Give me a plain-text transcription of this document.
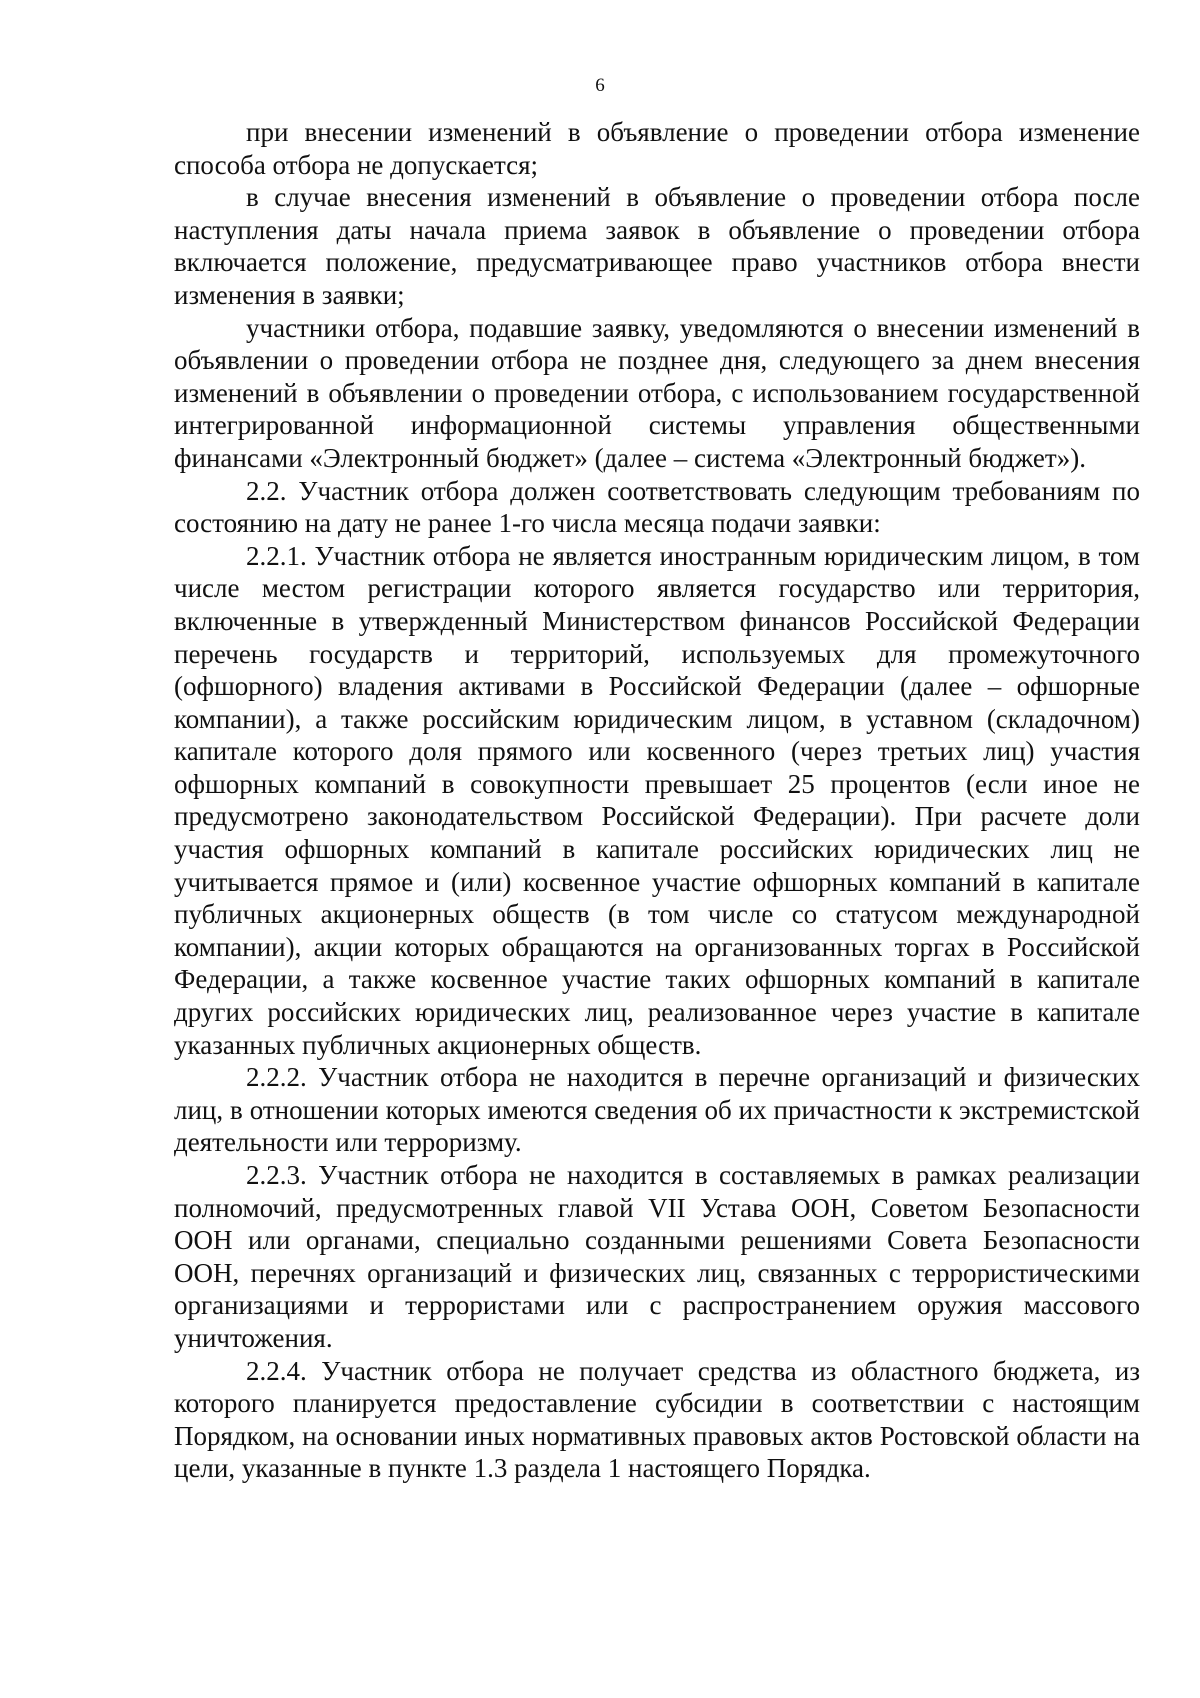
6

при внесении изменений в объявление о проведении отбора изменение способа отбора не допускается;

в случае внесения изменений в объявление о проведении отбора после наступления даты начала приема заявок в объявление о проведении отбора включается положение, предусматривающее право участников отбора внести изменения в заявки;

участники отбора, подавшие заявку, уведомляются о внесении изменений в объявлении о проведении отбора не позднее дня, следующего за днем внесения изменений в объявлении о проведении отбора, с использованием государственной интегрированной информационной системы управления общественными финансами «Электронный бюджет» (далее – система «Электронный бюджет»).

2.2. Участник отбора должен соответствовать следующим требованиям по состоянию на дату не ранее 1-го числа месяца подачи заявки:

2.2.1. Участник отбора не является иностранным юридическим лицом, в том числе местом регистрации которого является государство или территория, включенные в утвержденный Министерством финансов Российской Федерации перечень государств и территорий, используемых для промежуточного (офшорного) владения активами в Российской Федерации (далее – офшорные компании), а также российским юридическим лицом, в уставном (складочном) капитале которого доля прямого или косвенного (через третьих лиц) участия офшорных компаний в совокупности превышает 25 процентов (если иное не предусмотрено законодательством Российской Федерации). При расчете доли участия офшорных компаний в капитале российских юридических лиц не учитывается прямое и (или) косвенное участие офшорных компаний в капитале публичных акционерных обществ (в том числе со статусом международной компании), акции которых обращаются на организованных торгах в Российской Федерации, а также косвенное участие таких офшорных компаний в капитале других российских юридических лиц, реализованное через участие в капитале указанных публичных акционерных обществ.

2.2.2. Участник отбора не находится в перечне организаций и физических лиц, в отношении которых имеются сведения об их причастности к экстремистской деятельности или терроризму.

2.2.3. Участник отбора не находится в составляемых в рамках реализации полномочий, предусмотренных главой VII Устава ООН, Советом Безопасности ООН или органами, специально созданными решениями Совета Безопасности ООН, перечнях организаций и физических лиц, связанных с террористическими организациями и террористами или с распространением оружия массового уничтожения.

2.2.4. Участник отбора не получает средства из областного бюджета, из которого планируется предоставление субсидии в соответствии с настоящим Порядком, на основании иных нормативных правовых актов Ростовской области на цели, указанные в пункте 1.3 раздела 1 настоящего Порядка.
